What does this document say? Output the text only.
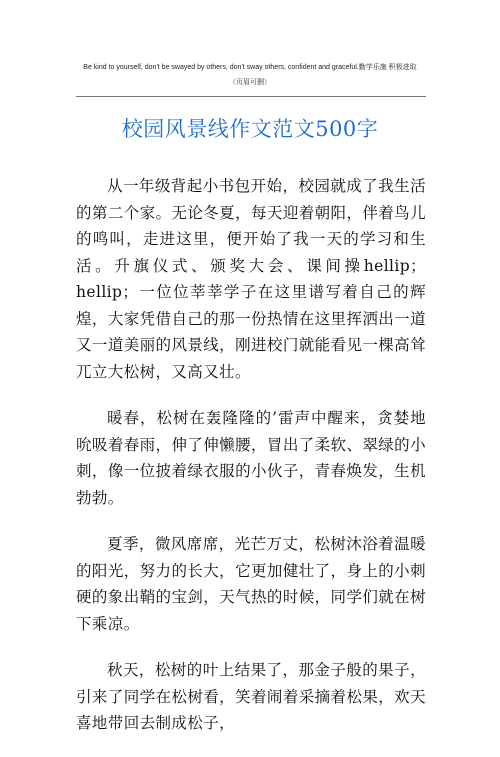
Be kind to yourself, don't be swayed by others, don't sway others, confident and graceful.勤学乐施 积极进取
（页眉可删）
校园风景线作文范文500字

从一年级背起小书包开始，校园就成了我生活的第二个家。无论冬夏，每天迎着朝阳，伴着鸟儿的鸣叫，走进这里，便开始了我一天的学习和生活。升旗仪式、颁奖大会、课间操hellip；hellip；一位位莘莘学子在这里谱写着自己的辉煌，大家凭借自己的那一份热情在这里挥洒出一道又一道美丽的风景线，刚进校门就能看见一棵高耸兀立大松树，又高又壮。

暖春，松树在轰隆隆的’雷声中醒来，贪婪地吮吸着春雨，伸了伸懒腰，冒出了柔软、翠绿的小刺，像一位披着绿衣服的小伙子，青春焕发，生机勃勃。

夏季，微风席席，光芒万丈，松树沐浴着温暖的阳光，努力的长大，它更加健壮了，身上的小刺硬的象出鞘的宝剑，天气热的时候，同学们就在树下乘凉。

秋天，松树的叶上结果了，那金子般的果子，引来了同学在松树看，笑着闹着采摘着松果，欢天喜地带回去制成松子，
